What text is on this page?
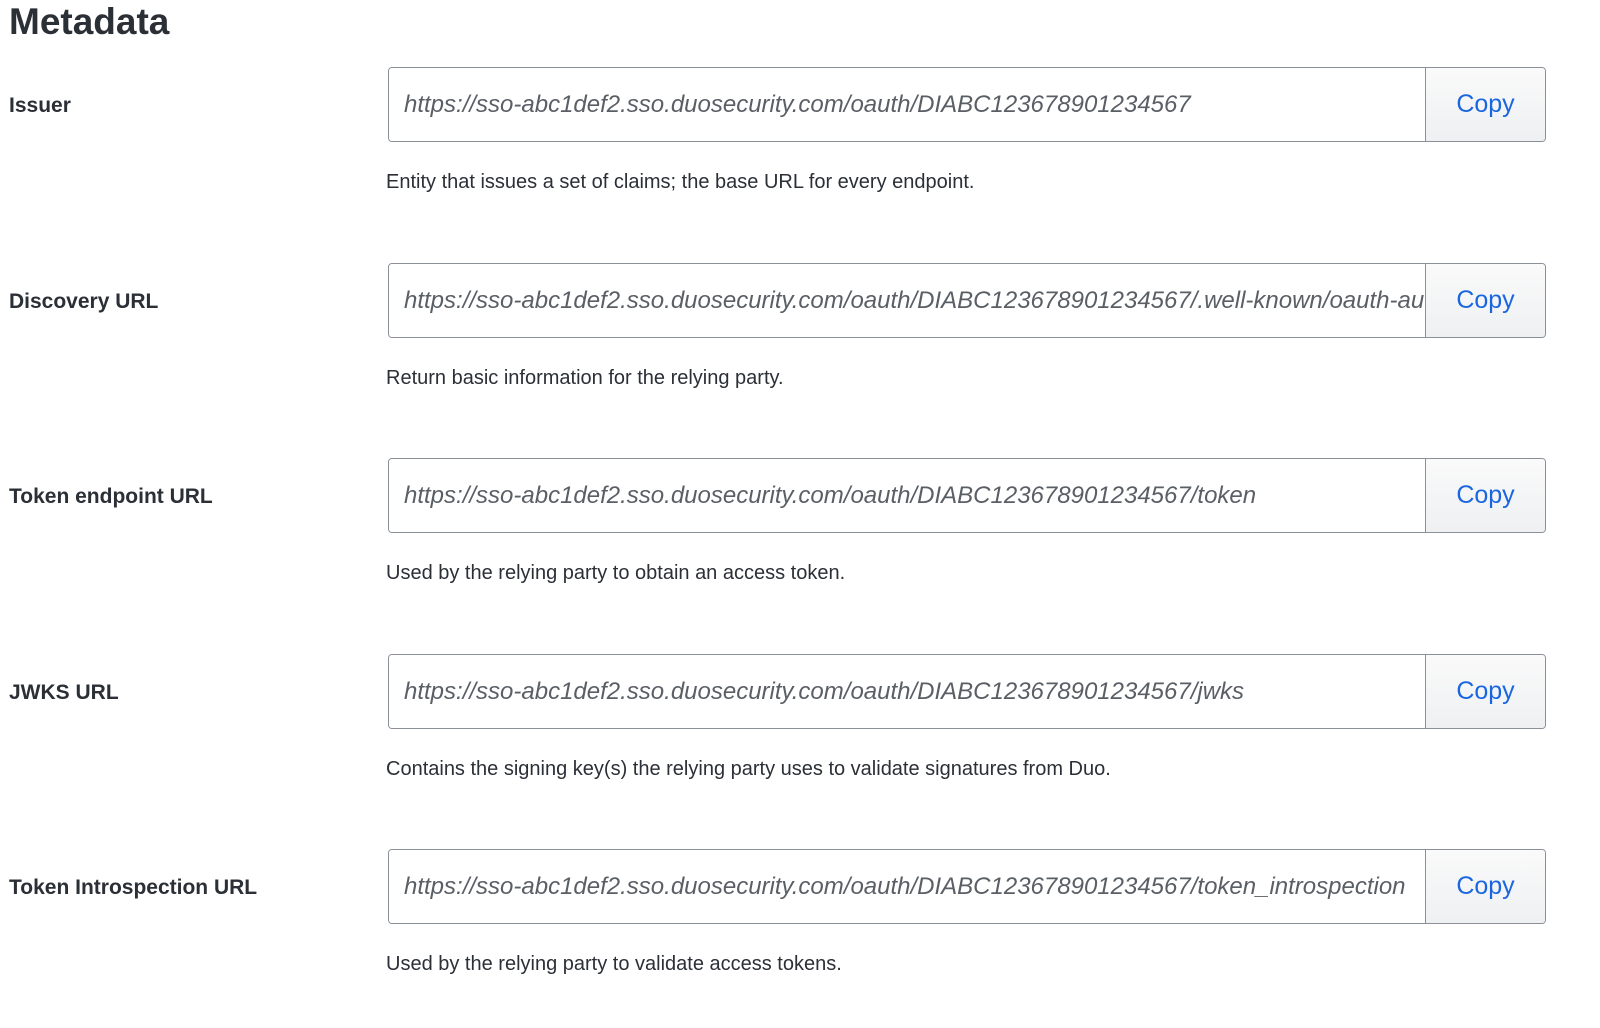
Metadata
Issuer
https://sso-abc1def2.sso.duosecurity.com/oauth/DIABC123678901234567	Copy
Entity that issues a set of claims; the base URL for every endpoint.
Discovery URL
https://sso-abc1def2.sso.duosecurity.com/oauth/DIABC123678901234567/.well-known/oauth-authorization-server	Copy
Return basic information for the relying party.
Token endpoint URL
https://sso-abc1def2.sso.duosecurity.com/oauth/DIABC123678901234567/token	Copy
Used by the relying party to obtain an access token.
JWKS URL
https://sso-abc1def2.sso.duosecurity.com/oauth/DIABC123678901234567/jwks	Copy
Contains the signing key(s) the relying party uses to validate signatures from Duo.
Token Introspection URL
https://sso-abc1def2.sso.duosecurity.com/oauth/DIABC123678901234567/token_introspection	Copy
Used by the relying party to validate access tokens.
